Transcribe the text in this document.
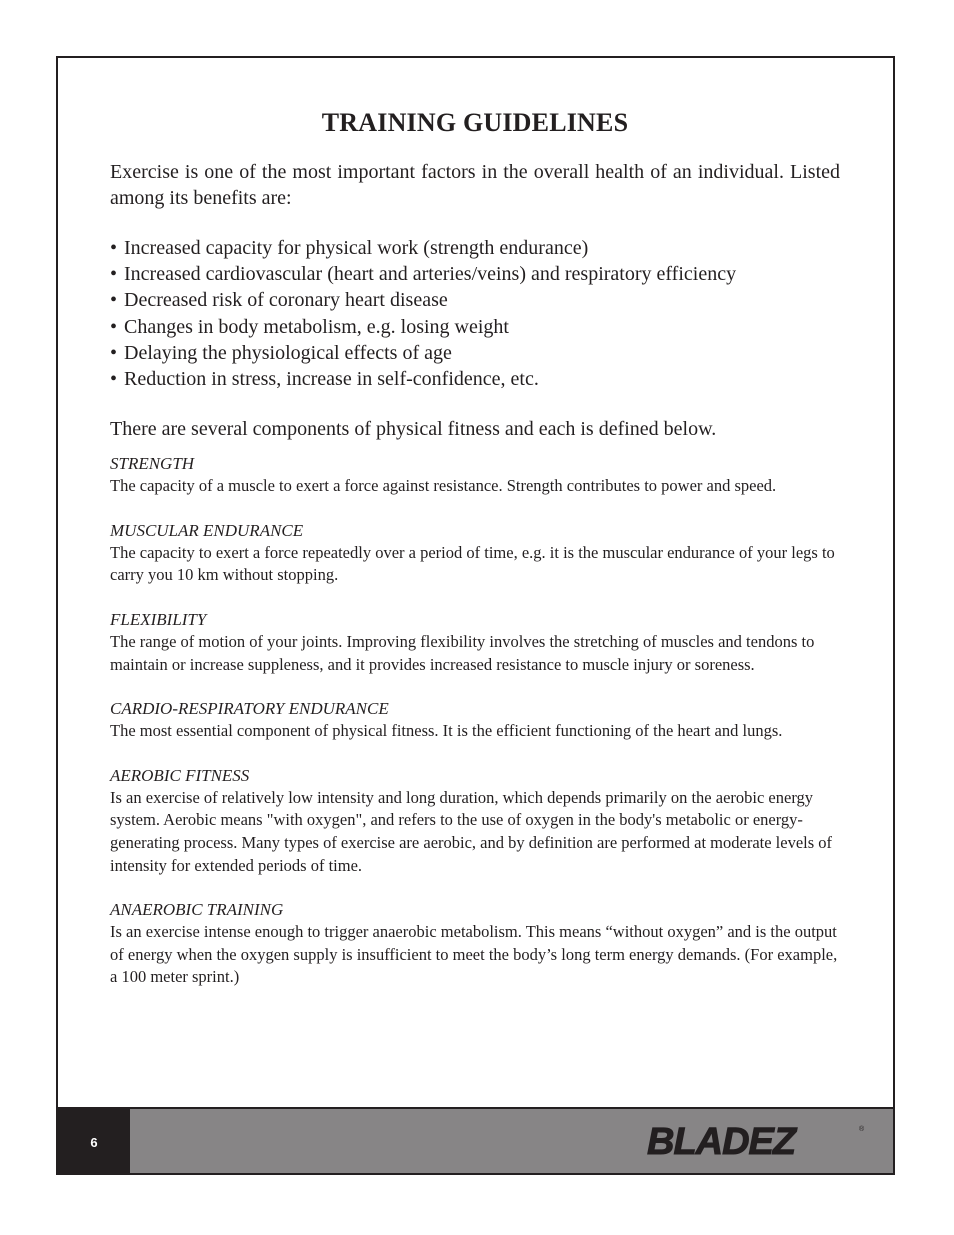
TRAINING GUIDELINES

Exercise is one of the most important factors in the overall health of an individual. Listed among its benefits are:

• Increased capacity for physical work (strength endurance)
• Increased cardiovascular (heart and arteries/veins) and respiratory efficiency
• Decreased risk of coronary heart disease
• Changes in body metabolism, e.g. losing weight
• Delaying the physiological effects of age
• Reduction in stress, increase in self-confidence, etc.

There are several components of physical fitness and each is defined below.

STRENGTH

The capacity of a muscle to exert a force against resistance. Strength contributes to power and speed.

MUSCULAR ENDURANCE

The capacity to exert a force repeatedly over a period of time, e.g. it is the muscular endurance of your legs to carry you 10 km without stopping.

FLEXIBILITY

The range of motion of your joints. Improving flexibility involves the stretching of muscles and tendons to maintain or increase suppleness, and it provides increased resistance to muscle injury or soreness.

CARDIO-RESPIRATORY ENDURANCE

The most essential component of physical fitness. It is the efficient functioning of the heart and lungs.

AEROBIC FITNESS

Is an exercise of relatively low intensity and long duration, which depends primarily on the aerobic energy system. Aerobic means "with oxygen", and refers to the use of oxygen in the body's metabolic or energy-generating process. Many types of exercise are aerobic, and by definition are performed at moderate levels of intensity for extended periods of time.

ANAEROBIC TRAINING

Is an exercise intense enough to trigger anaerobic metabolism. This means “without oxygen” and is the output of energy when the oxygen supply is insufficient to meet the body’s long term energy demands. (For example, a 100 meter sprint.)

6	BLADEZ	®
